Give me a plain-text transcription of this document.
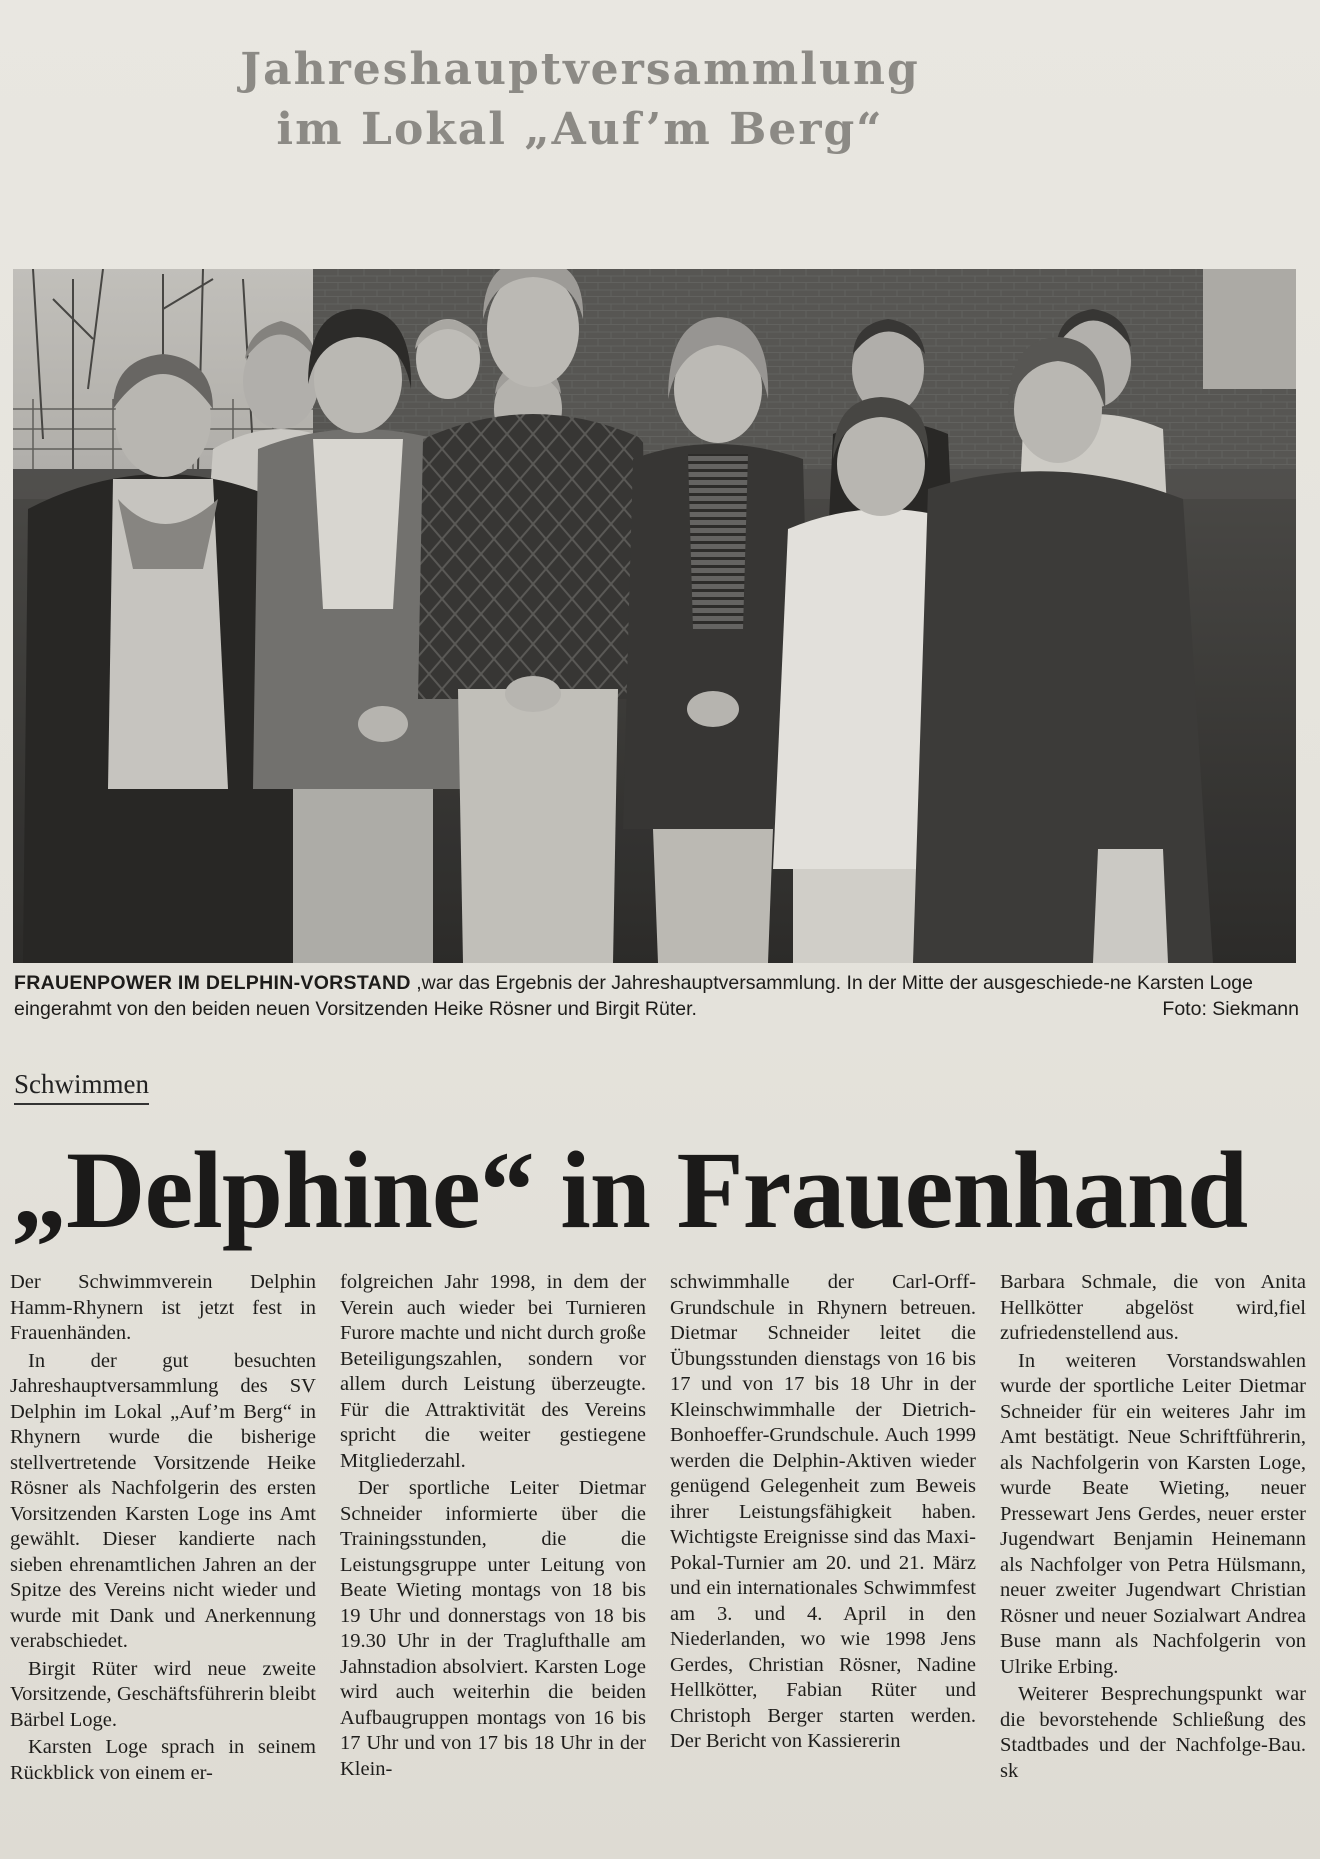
Jahreshauptversammlung
im Lokal „Auf’m Berg“
FRAUENPOWER IM DELPHIN-VORSTAND ,war das Ergebnis der Jahreshauptversammlung. In der Mitte der ausgeschiede-ne Karsten Loge eingerahmt von den beiden neuen Vorsitzenden Heike Rösner und Birgit Rüter.	Foto: Siekmann
Schwimmen
„Delphine“ in Frauenhand

Der Schwimmverein Delphin Hamm-Rhynern ist jetzt fest in Frauenhänden.

In der gut besuchten Jahreshauptversammlung des SV Delphin im Lokal „Auf’m Berg“ in Rhynern wurde die bisherige stellvertretende Vorsitzende Heike Rösner als Nachfolgerin des ersten Vorsitzenden Karsten Loge ins Amt gewählt. Dieser kandierte nach sieben ehrenamtlichen Jahren an der Spitze des Vereins nicht wieder und wurde mit Dank und Anerkennung verabschiedet.

Birgit Rüter wird neue zweite Vorsitzende, Geschäftsführerin bleibt Bärbel Loge.

Karsten Loge sprach in seinem Rückblick von einem er-

folgreichen Jahr 1998, in dem der Verein auch wieder bei Turnieren Furore machte und nicht durch große Beteiligungszahlen, sondern vor allem durch Leistung überzeugte. Für die Attraktivität des Vereins spricht die weiter gestiegene Mitgliederzahl.

Der sportliche Leiter Dietmar Schneider informierte über die Trainingsstunden, die die Leistungsgruppe unter Leitung von Beate Wieting montags von 18 bis 19 Uhr und donnerstags von 18 bis 19.30 Uhr in der Traglufthalle am Jahnstadion absolviert. Karsten Loge wird auch weiterhin die beiden Aufbaugruppen montags von 16 bis 17 Uhr und von 17 bis 18 Uhr in der Klein-

schwimmhalle der Carl-Orff-Grundschule in Rhynern betreuen. Dietmar Schneider leitet die Übungsstunden dienstags von 16 bis 17 und von 17 bis 18 Uhr in der Kleinschwimmhalle der Dietrich-Bonhoeffer-Grundschule. Auch 1999 werden die Delphin-Aktiven wieder genügend Gelegenheit zum Beweis ihrer Leistungsfähigkeit haben. Wichtigste Ereignisse sind das Maxi-Pokal-Turnier am 20. und 21. März und ein internationales Schwimmfest am 3. und 4. April in den Niederlanden, wo wie 1998 Jens Gerdes, Christian Rösner, Nadine Hellkötter, Fabian Rüter und Christoph Berger starten werden. Der Bericht von Kassiererin

Barbara Schmale, die von Anita Hellkötter abgelöst wird,fiel zufriedenstellend aus.

In weiteren Vorstandswahlen wurde der sportliche Leiter Dietmar Schneider für ein weiteres Jahr im Amt bestätigt. Neue Schriftführerin, als Nachfolgerin von Karsten Loge, wurde Beate Wieting, neuer Pressewart Jens Gerdes, neuer erster Jugendwart Benjamin Heinemann als Nachfolger von Petra Hülsmann, neuer zweiter Jugendwart Christian Rösner und neuer Sozialwart Andrea Buse mann als Nachfolgerin von Ulrike Erbing.

Weiterer Besprechungspunkt war die bevorstehende Schließung des Stadtbades und der Nachfolge-Bau. sk
